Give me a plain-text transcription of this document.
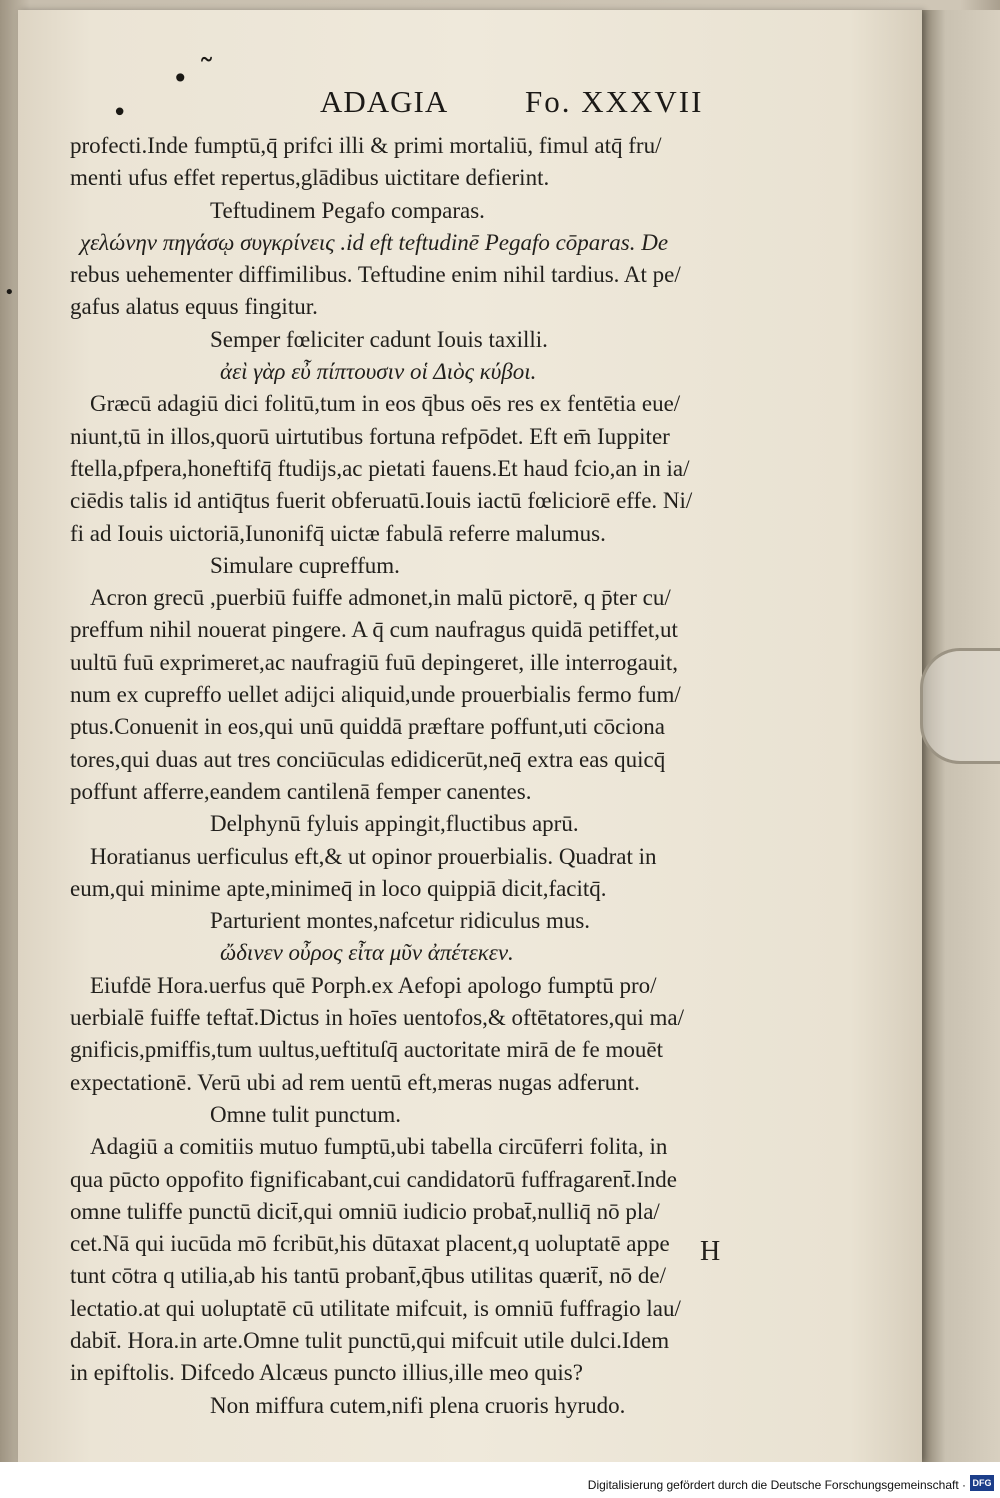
• ˜
•
•
ADAGIA Fo. XXXVII
profecti.Inde fumptū,q̄ prifci illi & primi mortaliū, fimul atq̄ fru/
menti ufus effet repertus,glādibus uictitare defierint.
Teftudinem Pegafo comparas.
χελώνην πηγάσῳ συγκρίνεις .id eft teftudinē Pegafo cōparas. De
rebus uehementer diffimilibus. Teftudine enim nihil tardius. At pe/
gafus alatus equus fingitur.
Semper fœliciter cadunt Iouis taxilli.
ἀεὶ γὰρ εὖ πίπτουσιν οἱ Διὸς κύβοι.
Græcū adagiū dici folitū,tum in eos q̄bus oēs res ex fentētia eue/
niunt,tū in illos,quorū uirtutibus fortuna refpōdet. Eft em̄ Iuppiter
ftella,pfpera,honeftifq̄ ftudijs,ac pietati fauens.Et haud fcio,an in ia/
ciēdis talis id antiq̄tus fuerit obferuatū.Iouis iactū fœliciorē effe. Ni/
fi ad Iouis uictoriā,Iunonifq̄ uictæ fabulā referre malumus.
Simulare cupreffum.
Acron grecū ,puerbiū fuiffe admonet,in malū pictorē, q p̄ter cu/
preffum nihil nouerat pingere. A q̄ cum naufragus quidā petiffet,ut
uultū fuū exprimeret,ac naufragiū fuū depingeret, ille interrogauit,
num ex cupreffo uellet adijci aliquid,unde prouerbialis fermo fum/
ptus.Conuenit in eos,qui unū quiddā præftare poffunt,uti cōciona
tores,qui duas aut tres conciūculas edidicerūt,neq̄ extra eas quicq̄
poffunt afferre,eandem cantilenā femper canentes.
Delphynū fyluis appingit,fluctibus aprū.
Horatianus uerficulus eft,& ut opinor prouerbialis. Quadrat in
eum,qui minime apte,minimeq̄ in loco quippiā dicit,facitq̄.
Parturient montes,nafcetur ridiculus mus.
ὤδινεν οὖρος εἶτα μῦν ἀπέτεκεν.
Eiufdē Hora.uerfus quē Porph.ex Aefopi apologo fumptū pro/
uerbialē fuiffe teftat̄.Dictus in hoīes uentofos,& oftētatores,qui ma/
gnificis,pmiffis,tum uultus,ueftituſq̄ auctoritate mirā de fe mouēt
expectationē. Verū ubi ad rem uentū eft,meras nugas adferunt.
Omne tulit punctum.
Adagiū a comitiis mutuo fumptū,ubi tabella circūferri folita, in
qua pūcto oppofito fignificabant,cui candidatorū fuffragarent̄.Inde
omne tuliffe punctū dicit̄,qui omniū iudicio probat̄,nulliq̄ nō pla/
cet.Nā qui iucūda mō fcribūt,his dūtaxat placent,q uoluptatē appe
tunt cōtra q utilia,ab his tantū probant̄,q̄bus utilitas quærit̄, nō de/
lectatio.at qui uoluptatē cū utilitate mifcuit, is omniū fuffragio lau/
dabit̄. Hora.in arte.Omne tulit punctū,qui mifcuit utile dulci.Idem
in epiftolis. Difcedo Alcæus puncto illius,ille meo quis?
Non miffura cutem,nifi plena cruoris hyrudo.
H
Digitalisierung gefördert durch die Deutsche Forschungsgemeinschaft · DFG
